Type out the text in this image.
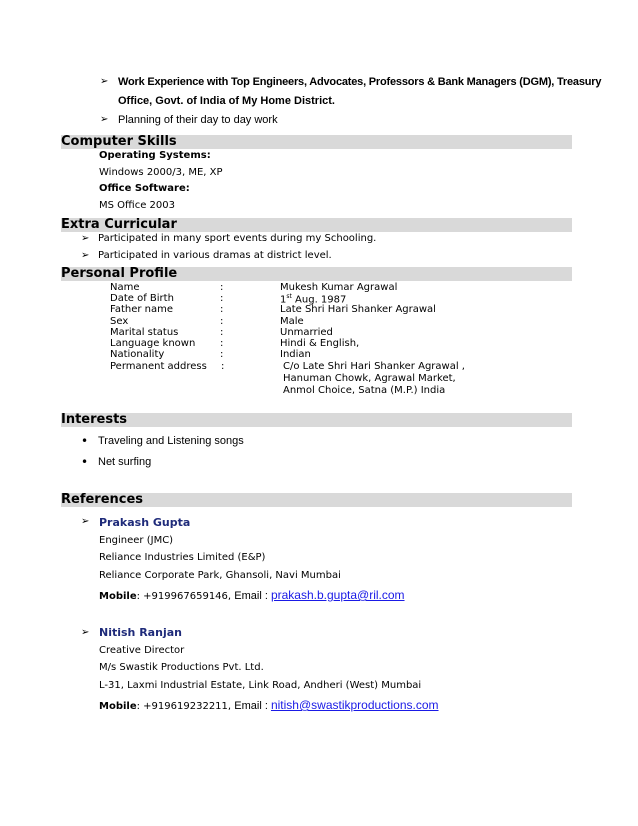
➢ Work Experience with Top Engineers, Advocates, Professors & Bank Managers (DGM), Treasury
Office, Govt. of India of My Home District.
➢ Planning of their day to day work
Computer Skills
Operating Systems:
Windows 2000/3, ME, XP
Office Software:
MS Office 2003
Extra Curricular
➢ Participated in many sport events during my Schooling.
➢ Participated in various dramas at district level.
Personal Profile
Name	:	Mukesh Kumar Agrawal
Date of Birth	:	1st Aug. 1987
Father name	:	Late Shri Hari Shanker Agrawal
Sex	:	Male
Marital status	:	Unmarried
Language known :	Hindi & English,
Nationality	:	Indian
Permanent address :	C/o Late Shri Hari Shanker Agrawal ,
Hanuman Chowk, Agrawal Market,
Anmol Choice, Satna (M.P.) India
Interests
• Traveling and Listening songs
• Net surfing
References
➢ Prakash Gupta
Engineer (JMC)
Reliance Industries Limited (E&P)
Reliance Corporate Park, Ghansoli, Navi Mumbai
Mobile: +919967659146, Email : prakash.b.gupta@ril.com
➢ Nitish Ranjan
Creative Director
M/s Swastik Productions Pvt. Ltd.
L-31, Laxmi Industrial Estate, Link Road, Andheri (West) Mumbai
Mobile: +919619232211, Email : nitish@swastikproductions.com
